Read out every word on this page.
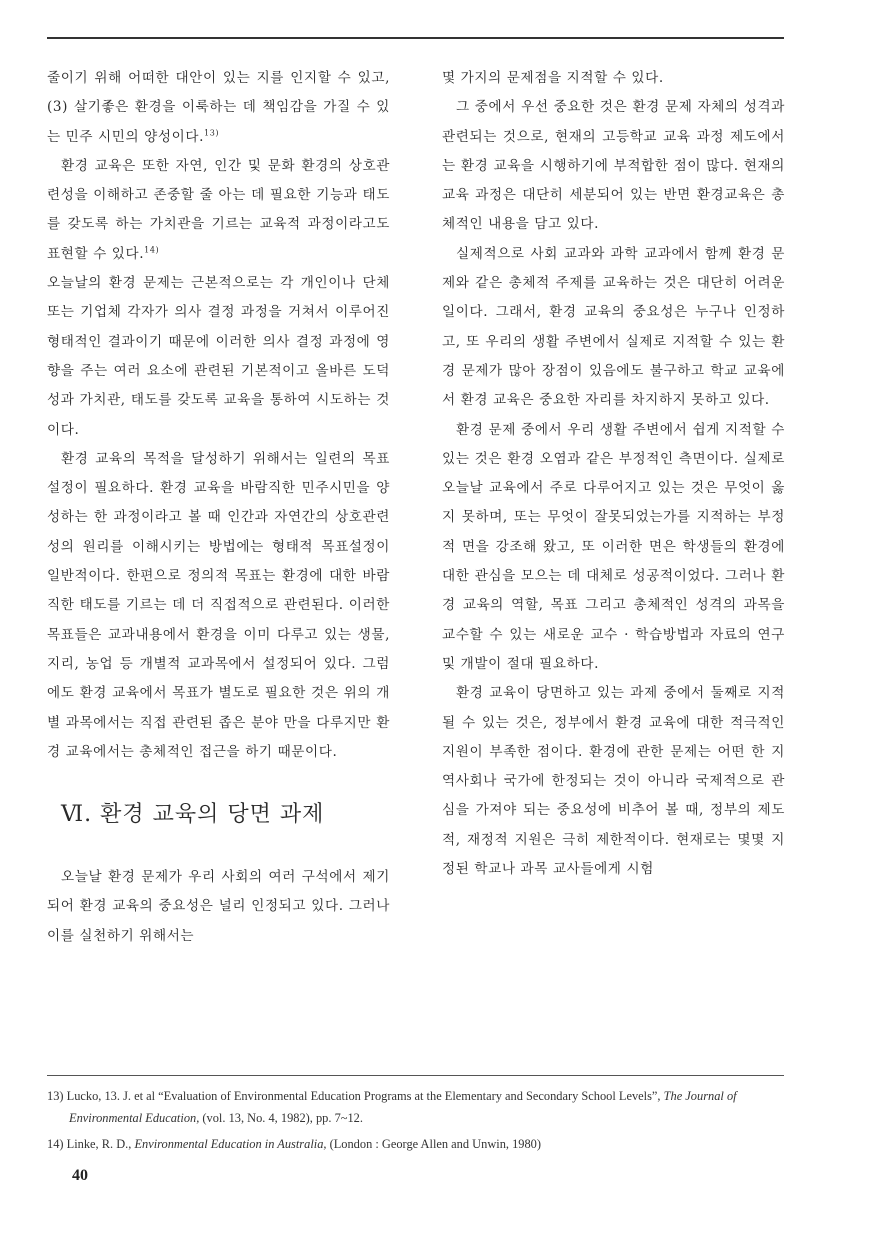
줄이기 위해 어떠한 대안이 있는 지를 인지할 수 있고, (3) 살기좋은 환경을 이룩하는 데 책임감을 가질 수 있는 민주 시민의 양성이다.$^{13)}$

환경 교육은 또한 자연, 인간 및 문화 환경의 상호관련성을 이해하고 존중할 줄 아는 데 필요한 기능과 태도를 갖도록 하는 가치관을 기르는 교육적 과정이라고도 표현할 수 있다.$^{14)}$

오늘날의 환경 문제는 근본적으로는 각 개인이나 단체 또는 기업체 각자가 의사 결정 과정을 거쳐서 이루어진 형태적인 결과이기 때문에 이러한 의사 결정 과정에 영향을 주는 여러 요소에 관련된 기본적이고 올바른 도덕성과 가치관, 태도를 갖도록 교육을 통하여 시도하는 것이다.

환경 교육의 목적을 달성하기 위해서는 일련의 목표 설정이 필요하다. 환경 교육을 바람직한 민주시민을 양성하는 한 과정이라고 볼 때 인간과 자연간의 상호관련성의 원리를 이해시키는 방법에는 형태적 목표설정이 일반적이다. 한편으로 정의적 목표는 환경에 대한 바람직한 태도를 기르는 데 더 직접적으로 관련된다. 이러한 목표들은 교과내용에서 환경을 이미 다루고 있는 생물, 지리, 농업 등 개별적 교과목에서 설정되어 있다. 그럼에도 환경 교육에서 목표가 별도로 필요한 것은 위의 개별 과목에서는 직접 관련된 좁은 분야 만을 다루지만 환경 교육에서는 총체적인 접근을 하기 때문이다.

Ⅵ. 환경 교육의 당면 과제

오늘날 환경 문제가 우리 사회의 여러 구석에서 제기되어 환경 교육의 중요성은 널리 인정되고 있다. 그러나 이를 실천하기 위해서는

몇 가지의 문제점을 지적할 수 있다.

그 중에서 우선 중요한 것은 환경 문제 자체의 성격과 관련되는 것으로, 현재의 고등학교 교육 과정 제도에서는 환경 교육을 시행하기에 부적합한 점이 많다. 현재의 교육 과정은 대단히 세분되어 있는 반면 환경교육은 총체적인 내용을 담고 있다.

실제적으로 사회 교과와 과학 교과에서 함께 환경 문제와 같은 총체적 주제를 교육하는 것은 대단히 어려운 일이다. 그래서, 환경 교육의 중요성은 누구나 인정하고, 또 우리의 생활 주변에서 실제로 지적할 수 있는 환경 문제가 많아 장점이 있음에도 불구하고 학교 교육에서 환경 교육은 중요한 자리를 차지하지 못하고 있다.

환경 문제 중에서 우리 생활 주변에서 쉽게 지적할 수 있는 것은 환경 오염과 같은 부정적인 측면이다. 실제로 오늘날 교육에서 주로 다루어지고 있는 것은 무엇이 옳지 못하며, 또는 무엇이 잘못되었는가를 지적하는 부정적 면을 강조해 왔고, 또 이러한 면은 학생들의 환경에 대한 관심을 모으는 데 대체로 성공적이었다. 그러나 환경 교육의 역할, 목표 그리고 총체적인 성격의 과목을 교수할 수 있는 새로운 교수 · 학습방법과 자료의 연구 및 개발이 절대 필요하다.

환경 교육이 당면하고 있는 과제 중에서 둘째로 지적될 수 있는 것은, 정부에서 환경 교육에 대한 적극적인 지원이 부족한 점이다. 환경에 관한 문제는 어떤 한 지역사회나 국가에 한정되는 것이 아니라 국제적으로 관심을 가져야 되는 중요성에 비추어 볼 때, 정부의 제도적, 재정적 지원은 극히 제한적이다. 현재로는 몇몇 지정된 학교나 과목 교사들에게 시험

13) Lucko, 13. J. et al “Evaluation of Environmental Education Programs at the Elementary and Secondary School Levels”, The Journal of Environmental Education, (vol. 13, No. 4, 1982), pp. 7~12.

14) Linke, R. D., Environmental Education in Australia, (London : George Allen and Unwin, 1980)

40
